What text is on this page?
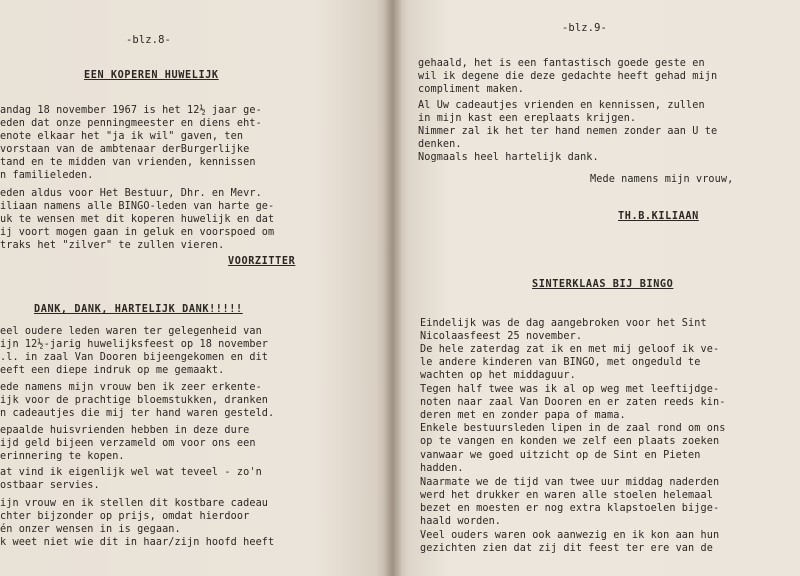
-blz.8-
EEN KOPEREN HUWELIJK
andag 18 november 1967 is het 12½ jaar ge-
eden dat onze penningmeester en diens eht-
enote elkaar het "ja ik wil" gaven, ten
vorstaan van de ambtenaar derBurgerlijke
tand en te midden van vrienden, kennissen
n familieleden.
eden aldus voor Het Bestuur, Dhr. en Mevr.
iliaan namens alle BINGO-leden van harte ge-
uk te wensen met dit koperen huwelijk en dat
ij voort mogen gaan in geluk en voorspoed om
traks het "zilver" te zullen vieren.
VOORZITTER
DANK, DANK, HARTELIJK DANK!!!!!
eel oudere leden waren ter gelegenheid van
ijn 12½-jarig huwelijksfeest op 18 november
.l. in zaal Van Dooren bijeengekomen en dit
eeft een diepe indruk op me gemaakt.
ede namens mijn vrouw ben ik zeer erkente-
ijk voor de prachtige bloemstukken, dranken
n cadeautjes die mij ter hand waren gesteld.
epaalde huisvrienden hebben in deze dure
ijd geld bijeen verzameld om voor ons een
erinnering te kopen.
at vind ik eigenlijk wel wat teveel - zo'n
ostbaar servies.
ijn vrouw en ik stellen dit kostbare cadeau
chter bijzonder op prijs, omdat hierdoor
én onzer wensen in is gegaan.
k weet niet wie dit in haar/zijn hoofd heeft
-blz.9-
gehaald, het is een fantastisch goede geste en
wil ik degene die deze gedachte heeft gehad mijn
compliment maken.
Al Uw cadeautjes vrienden en kennissen, zullen
in mijn kast een ereplaats krijgen.
Nimmer zal ik het ter hand nemen zonder aan U te
denken.
Nogmaals heel hartelijk dank.
Mede namens mijn vrouw,
TH.B.KILIAAN
SINTERKLAAS BIJ BINGO
Eindelijk was de dag aangebroken voor het Sint
Nicolaasfeest 25 november.
De hele zaterdag zat ik en met mij geloof ik ve-
le andere kinderen van BINGO, met ongeduld te
wachten op het middaguur.
Tegen half twee was ik al op weg met leeftijdge-
noten naar zaal Van Dooren en er zaten reeds kin-
deren met en zonder papa of mama.
Enkele bestuursleden lipen in de zaal rond om ons
op te vangen en konden we zelf een plaats zoeken
vanwaar we goed uitzicht op de Sint en Pieten
hadden.
Naarmate we de tijd van twee uur middag naderden
werd het drukker en waren alle stoelen helemaal
bezet en moesten er nog extra klapstoelen bijge-
haald worden.
Veel ouders waren ook aanwezig en ik kon aan hun
gezichten zien dat zij dit feest ter ere van de
